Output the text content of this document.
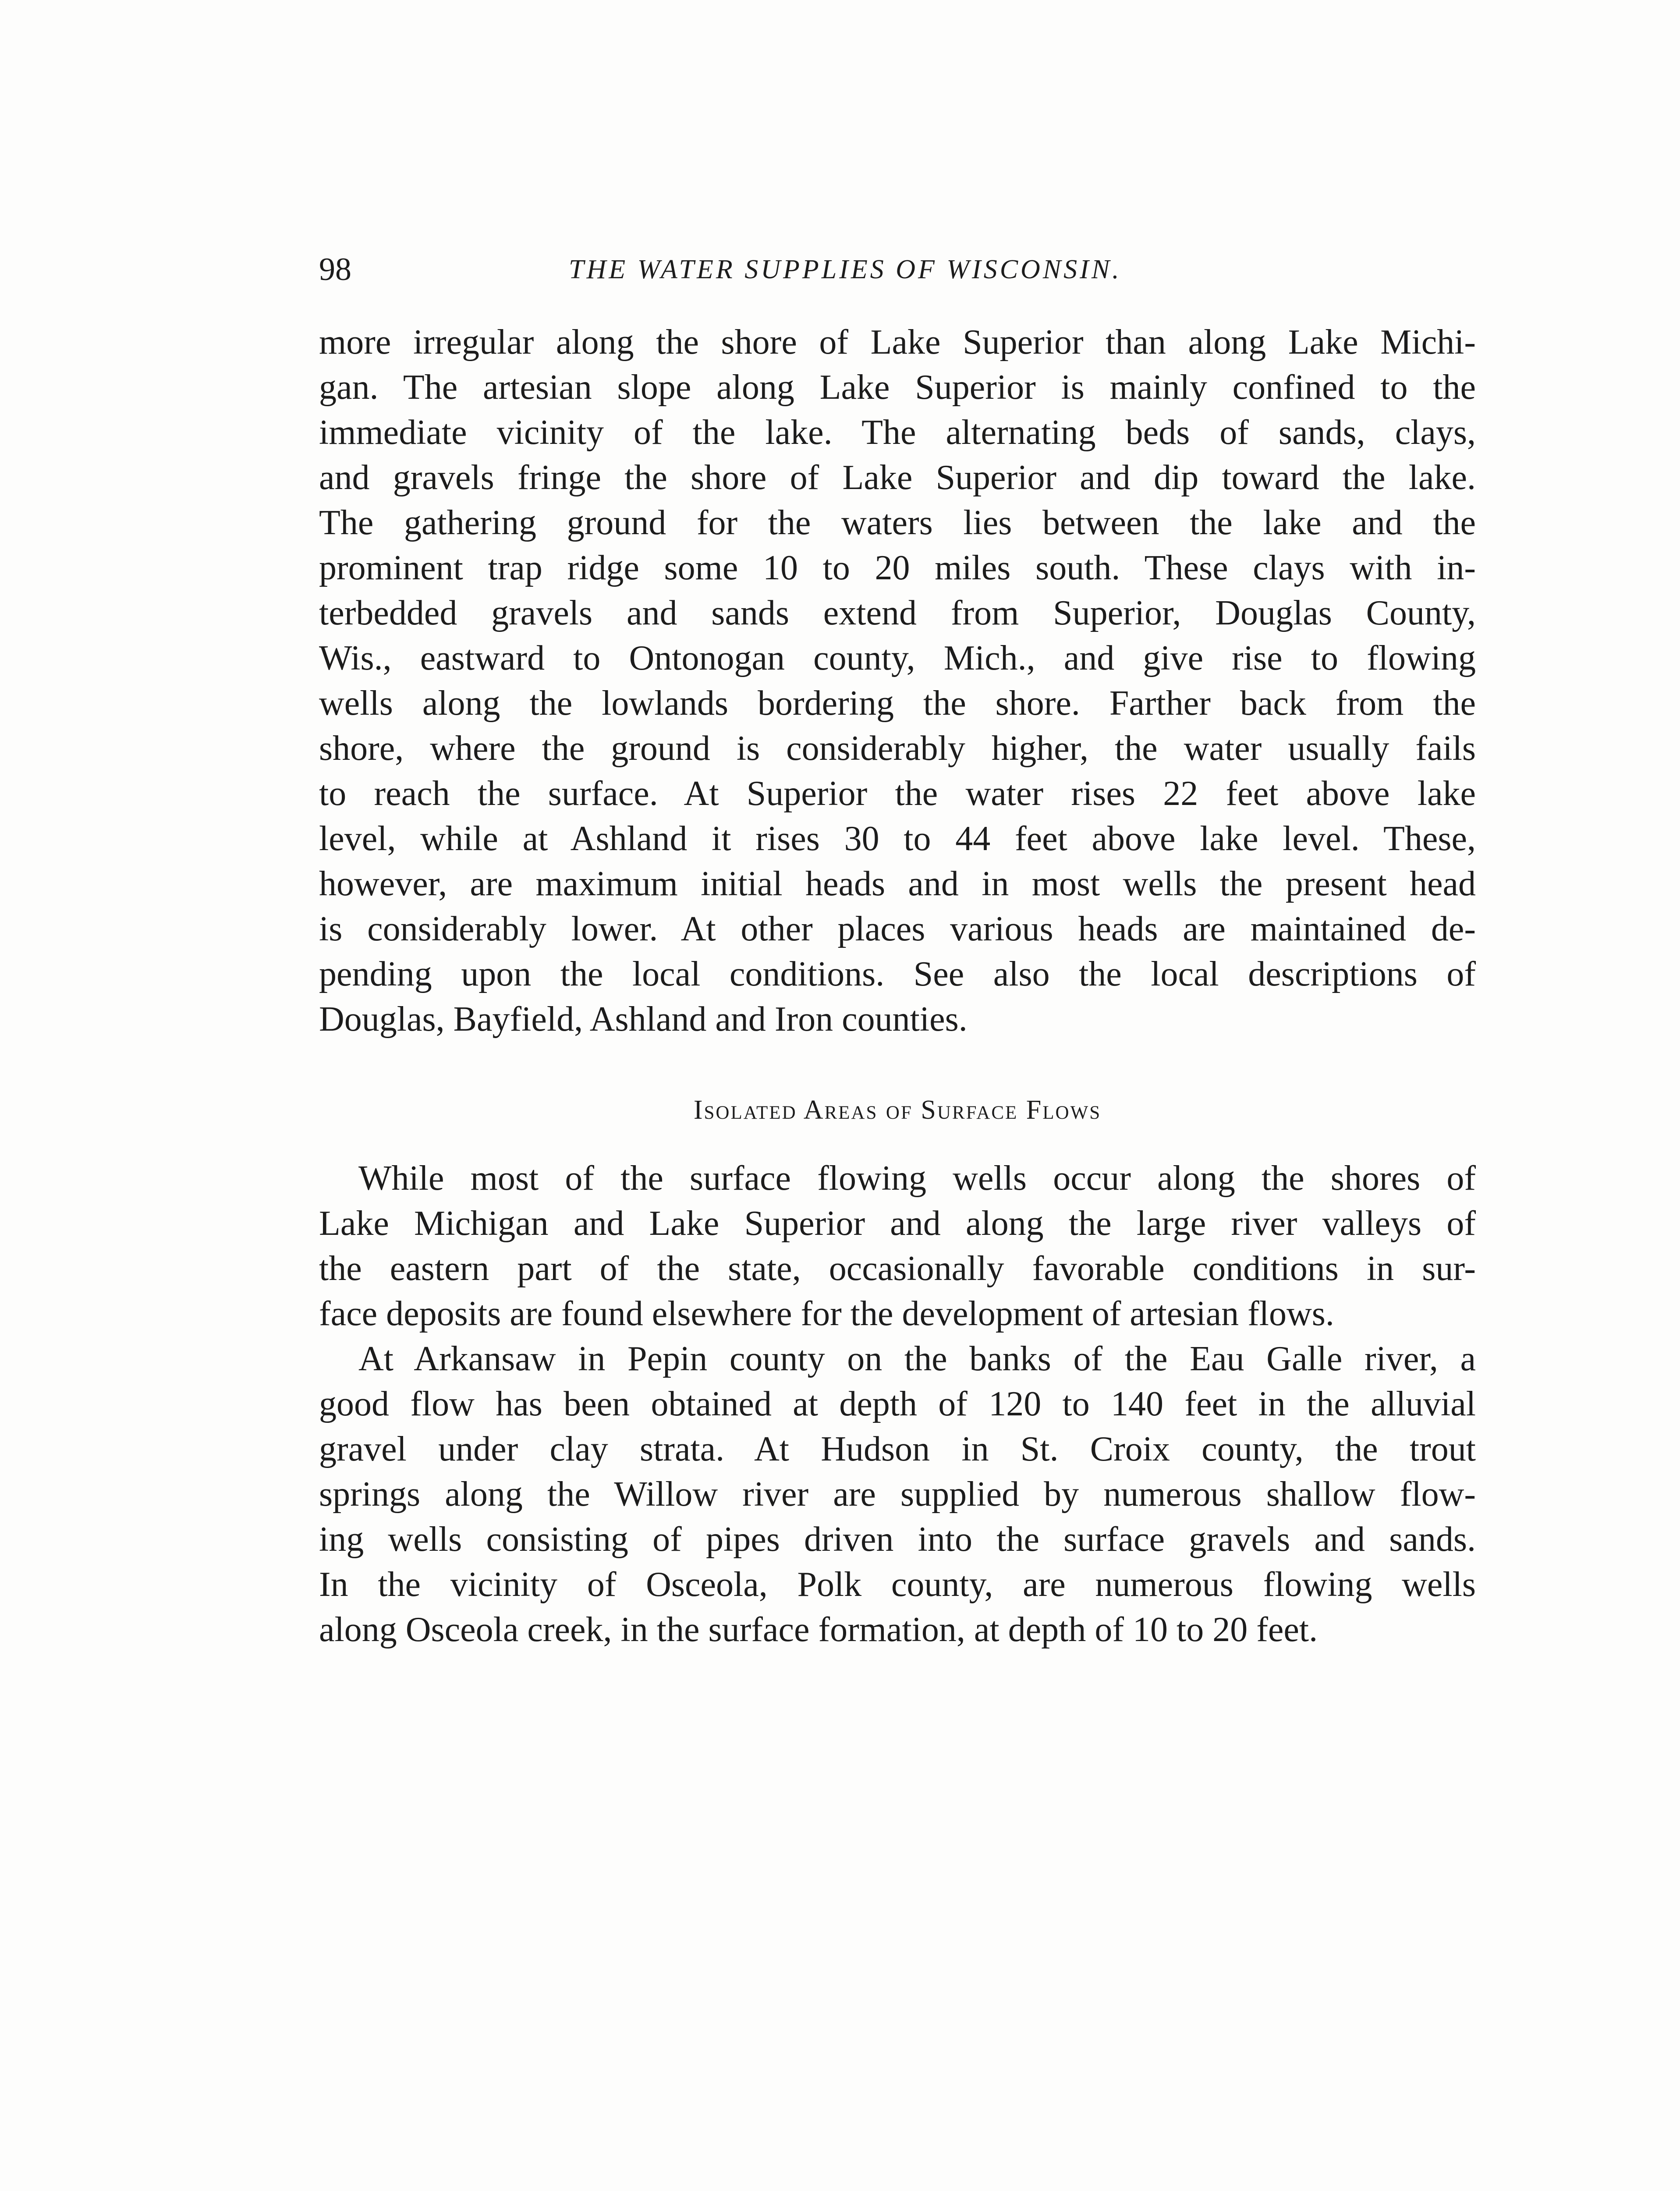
98	THE WATER SUPPLIES OF WISCONSIN.
more irregular along the shore of Lake Superior than along Lake Michi-
gan. The artesian slope along Lake Superior is mainly confined to the
immediate vicinity of the lake. The alternating beds of sands, clays,
and gravels fringe the shore of Lake Superior and dip toward the lake.
The gathering ground for the waters lies between the lake and the
prominent trap ridge some 10 to 20 miles south. These clays with in-
terbedded gravels and sands extend from Superior, Douglas County,
Wis., eastward to Ontonogan county, Mich., and give rise to flowing
wells along the lowlands bordering the shore. Farther back from the
shore, where the ground is considerably higher, the water usually fails
to reach the surface. At Superior the water rises 22 feet above lake
level, while at Ashland it rises 30 to 44 feet above lake level. These,
however, are maximum initial heads and in most wells the present head
is considerably lower. At other places various heads are maintained de-
pending upon the local conditions. See also the local descriptions of
Douglas, Bayfield, Ashland and Iron counties.
Isolated Areas of Surface Flows
While most of the surface flowing wells occur along the shores of
Lake Michigan and Lake Superior and along the large river valleys of
the eastern part of the state, occasionally favorable conditions in sur-
face deposits are found elsewhere for the development of artesian flows.
At Arkansaw in Pepin county on the banks of the Eau Galle river, a
good flow has been obtained at depth of 120 to 140 feet in the alluvial
gravel under clay strata. At Hudson in St. Croix county, the trout
springs along the Willow river are supplied by numerous shallow flow-
ing wells consisting of pipes driven into the surface gravels and sands.
In the vicinity of Osceola, Polk county, are numerous flowing wells
along Osceola creek, in the surface formation, at depth of 10 to 20 feet.
